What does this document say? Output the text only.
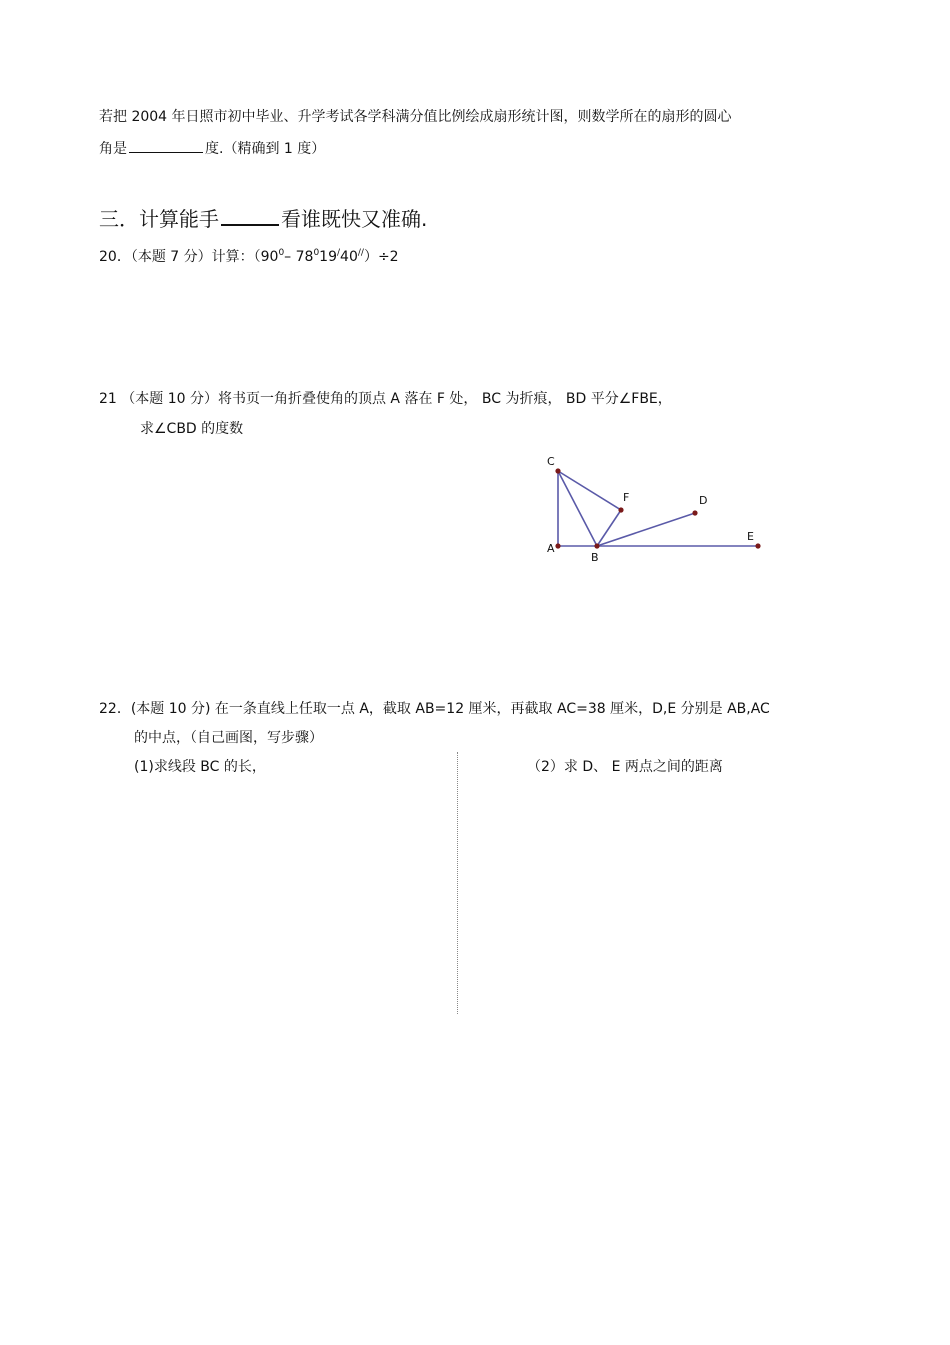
若把 2004 年日照市初中毕业、升学考试各学科满分值比例绘成扇形统计图，则数学所在的扇形的圆心
角是	度.（精确到 1 度）
三．计算能手	看谁既快又准确.
20．（本题 7 分）计算：（$90^0-$ $78^019^/40^{//})\div 2$
21 （本题 10 分）将书页一角折叠使角的顶点 A 落在 F 处， BC 为折痕， BD 平分∠FBE，
求∠CBD 的度数
C
F	D
A
B
E
22．(本题 10 分) 在一条直线上任取一点 A，截取 AB=12 厘米，再截取 AC=38 厘米，D,E 分别是 AB,AC
的中点，（自己画图，写步骤）
(1)求线段 BC 的长，	（2）求 D、 E 两点之间的距离
